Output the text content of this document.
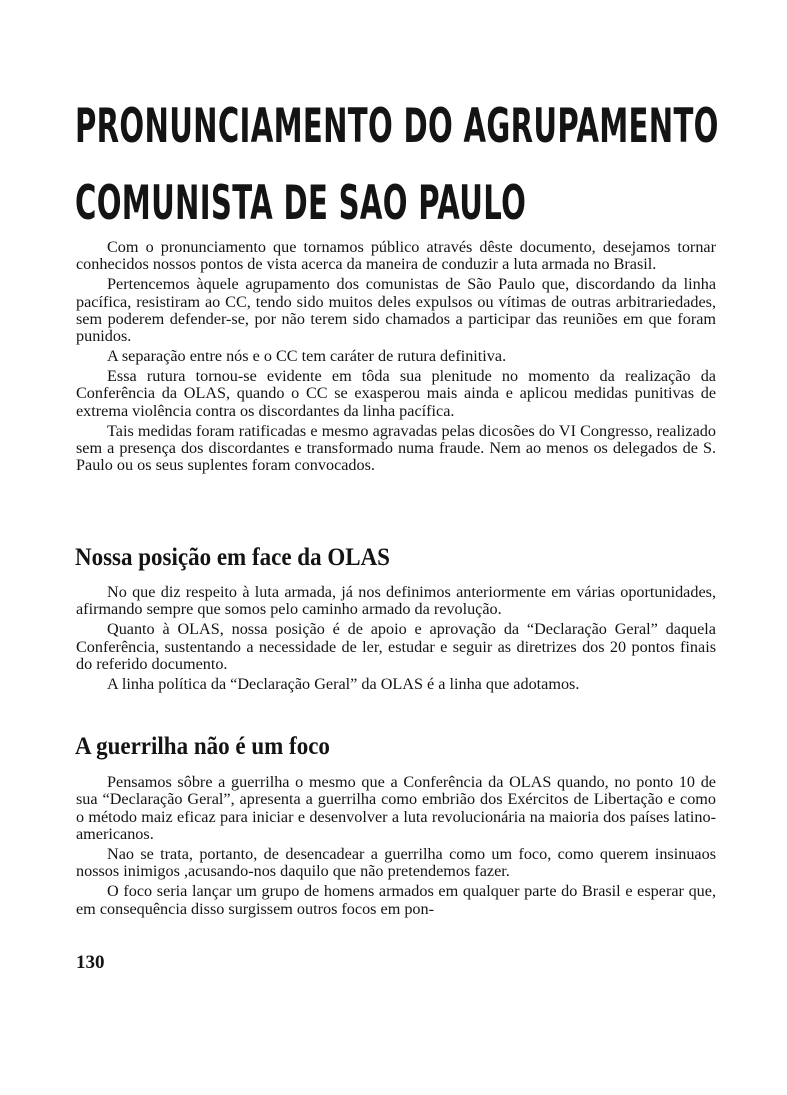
PRONUNCIAMENTO DO AGRUPAMENTO
COMUNISTA DE SAO PAULO

Com o pronunciamento que tornamos público através dêste documento, desejamos tornar conhecidos nossos pontos de vista acerca da maneira de conduzir a luta armada no Brasil.

Pertencemos àquele agrupamento dos comunistas de São Paulo que, discordando da linha pacífica, resistiram ao CC, tendo sido muitos deles expulsos ou vítimas de outras arbitrariedades, sem poderem defender-se, por não terem sido chamados a participar das reuniões em que foram punidos.

A separação entre nós e o CC tem caráter de rutura definitiva.

Essa rutura tornou-se evidente em tôda sua plenitude no momento da realização da Conferência da OLAS, quando o CC se exasperou mais ainda e aplicou medidas punitivas de extrema violência contra os discordantes da linha pacífica.

Tais medidas foram ratificadas e mesmo agravadas pelas dicosões do VI Congresso, realizado sem a presença dos discordantes e transformado numa fraude. Nem ao menos os delegados de S. Paulo ou os seus suplentes foram convocados.

Nossa posição em face da OLAS

No que diz respeito à luta armada, já nos definimos anteriormente em várias oportunidades, afirmando sempre que somos pelo caminho armado da revolução.

Quanto à OLAS, nossa posição é de apoio e aprovação da “Declaração Geral” daquela Conferência, sustentando a necessidade de ler, estudar e seguir as diretrizes dos 20 pontos finais do referido documento.

A linha política da “Declaração Geral” da OLAS é a linha que adotamos.

A guerrilha não é um foco

Pensamos sôbre a guerrilha o mesmo que a Conferência da OLAS quando, no ponto 10 de sua “Declaração Geral”, apresenta a guerrilha como embrião dos Exércitos de Libertação e como o método maiz eficaz para iniciar e desenvolver a luta revolucionária na maioria dos países latino-americanos.

Nao se trata, portanto, de desencadear a guerrilha como um foco, como querem insinuaos nossos inimigos ,acusando-nos daquilo que não pretendemos fazer.

O foco seria lançar um grupo de homens armados em qualquer parte do Brasil e esperar que, em consequência disso surgissem outros focos em pon-

130
